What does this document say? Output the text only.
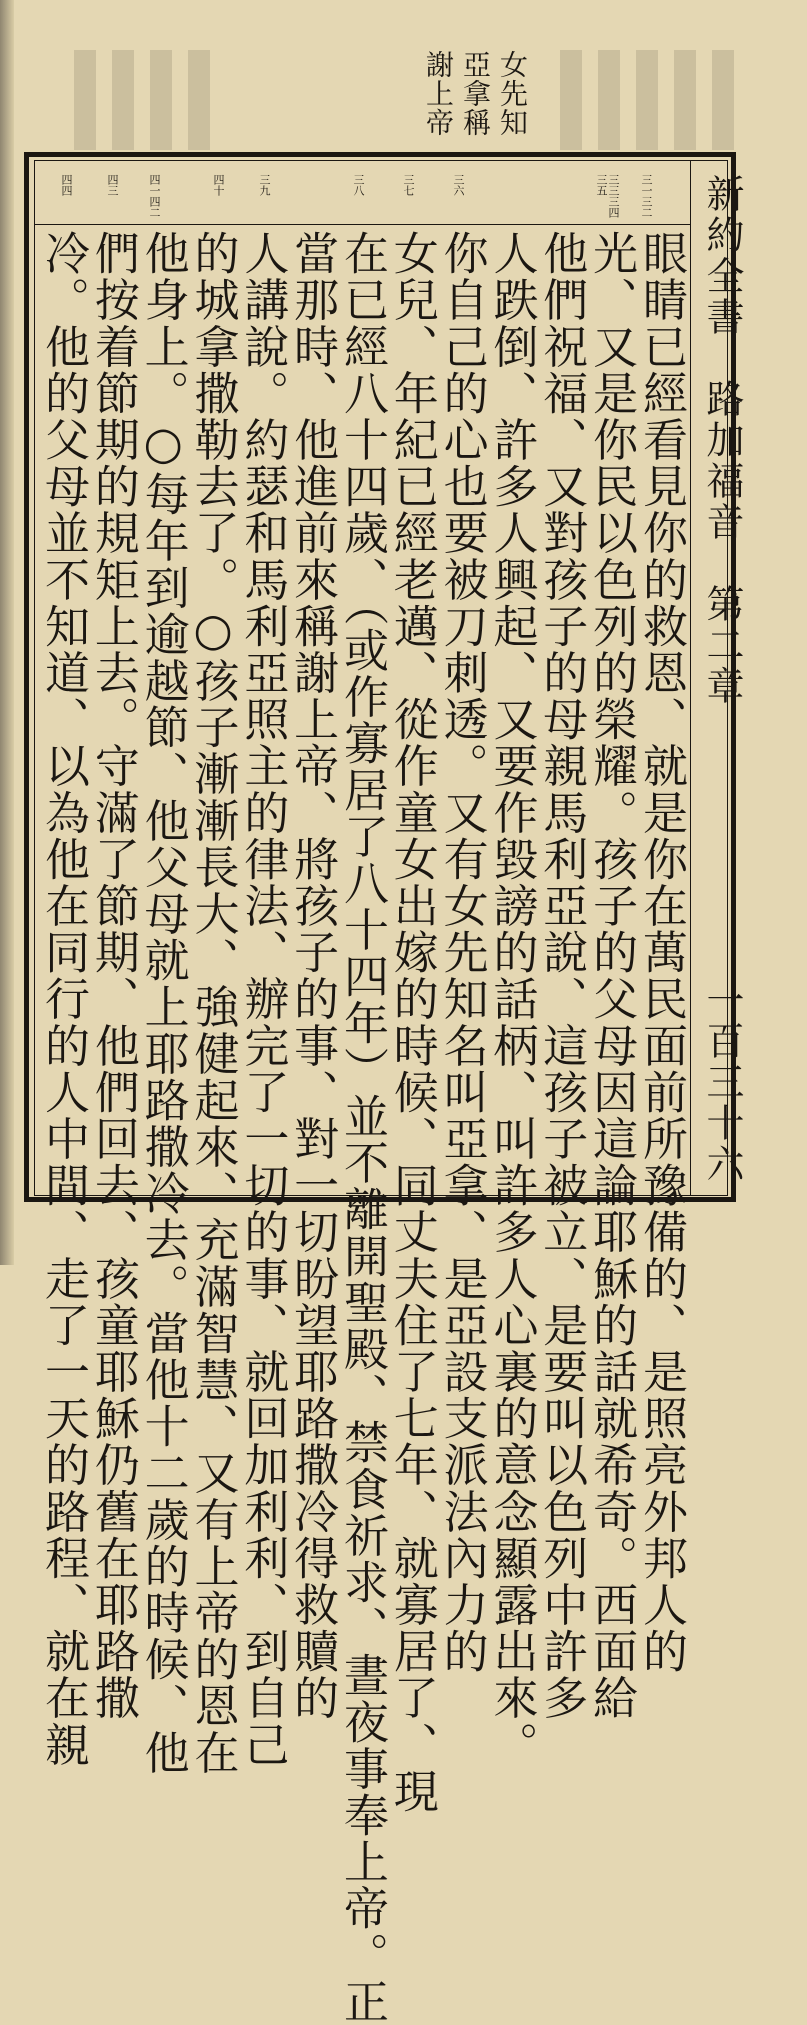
女先知
亞拿稱
謝上帝
三一三二
三三三四三五
三六
三七
三八
三九
四十
四一四二
四三
四四
眼睛已經看見你的救恩、就是你在萬民面前所豫備的、是照亮外邦人的
光、又是你民以色列的榮耀。孩子的父母因這論耶穌的話就希奇。西面給
他們祝福、又對孩子的母親馬利亞說、這孩子被立、是要叫以色列中許多
人跌倒、許多人興起、又要作毀謗的話柄、叫許多人心裏的意念顯露出來。
你自己的心也要被刀刺透。又有女先知名叫亞拿、是亞設支派法內力的
女兒、年紀已經老邁、從作童女出嫁的時候、同丈夫住了七年、就寡居了、現
在已經八十四歲、（或作寡居了八十四年）並不離開聖殿、禁食祈求、晝夜事奉上帝。正
當那時、他進前來稱謝上帝、將孩子的事、對一切盼望耶路撒冷得救贖的
人講說。約瑟和馬利亞照主的律法、辦完了一切的事、就回加利利、到自己
的城拿撒勒去了。○孩子漸漸長大、強健起來、充滿智慧、又有上帝的恩在
他身上。○每年到逾越節、他父母就上耶路撒冷去。當他十二歲的時候、他
們按着節期的規矩上去。守滿了節期、他們回去、孩童耶穌仍舊在耶路撒
冷。他的父母並不知道、以為他在同行的人中間、走了一天的路程、就在親	新約全書　路加福音　第二章
一百三十六
